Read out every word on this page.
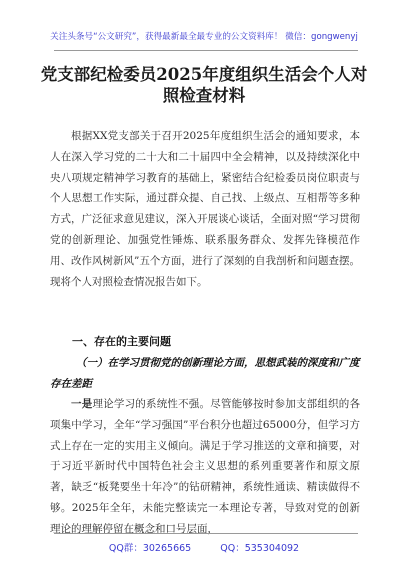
关注头条号“公文研究”，获得最新最全最专业的公文资料库！ 微信：gongwenyj
党支部纪检委员2025年度组织生活会个人对照检查材料
根据XX党支部关于召开2025年度组织生活会的通知要求，本人在深入学习党的二十大和二十届四中全会精神，以及持续深化中央八项规定精神学习教育的基础上，紧密结合纪检委员岗位职责与个人思想工作实际，通过群众提、自己找、上级点、互相帮等多种方式，广泛征求意见建议，深入开展谈心谈话，全面对照“学习贯彻党的创新理论、加强党性锤炼、联系服务群众、发挥先锋模范作用、改作风树新风”五个方面，进行了深刻的自我剖析和问题查摆。现将个人对照检查情况报告如下。
一、存在的主要问题
（一）在学习贯彻党的创新理论方面，思想武装的深度和广度存在差距
一是理论学习的系统性不强。尽管能够按时参加支部组织的各项集中学习，全年“学习强国”平台积分也超过65000分，但学习方式上存在一定的实用主义倾向。满足于学习推送的文章和摘要，对于习近平新时代中国特色社会主义思想的系列重要著作和原文原著，缺乏“板凳要坐十年冷”的钻研精神，系统性通读、精读做得不够。2025年全年，未能完整读完一本理论专著，导致对党的创新理论的理解停留在概念和口号层面，
QQ群：30265665	QQ：535304092
